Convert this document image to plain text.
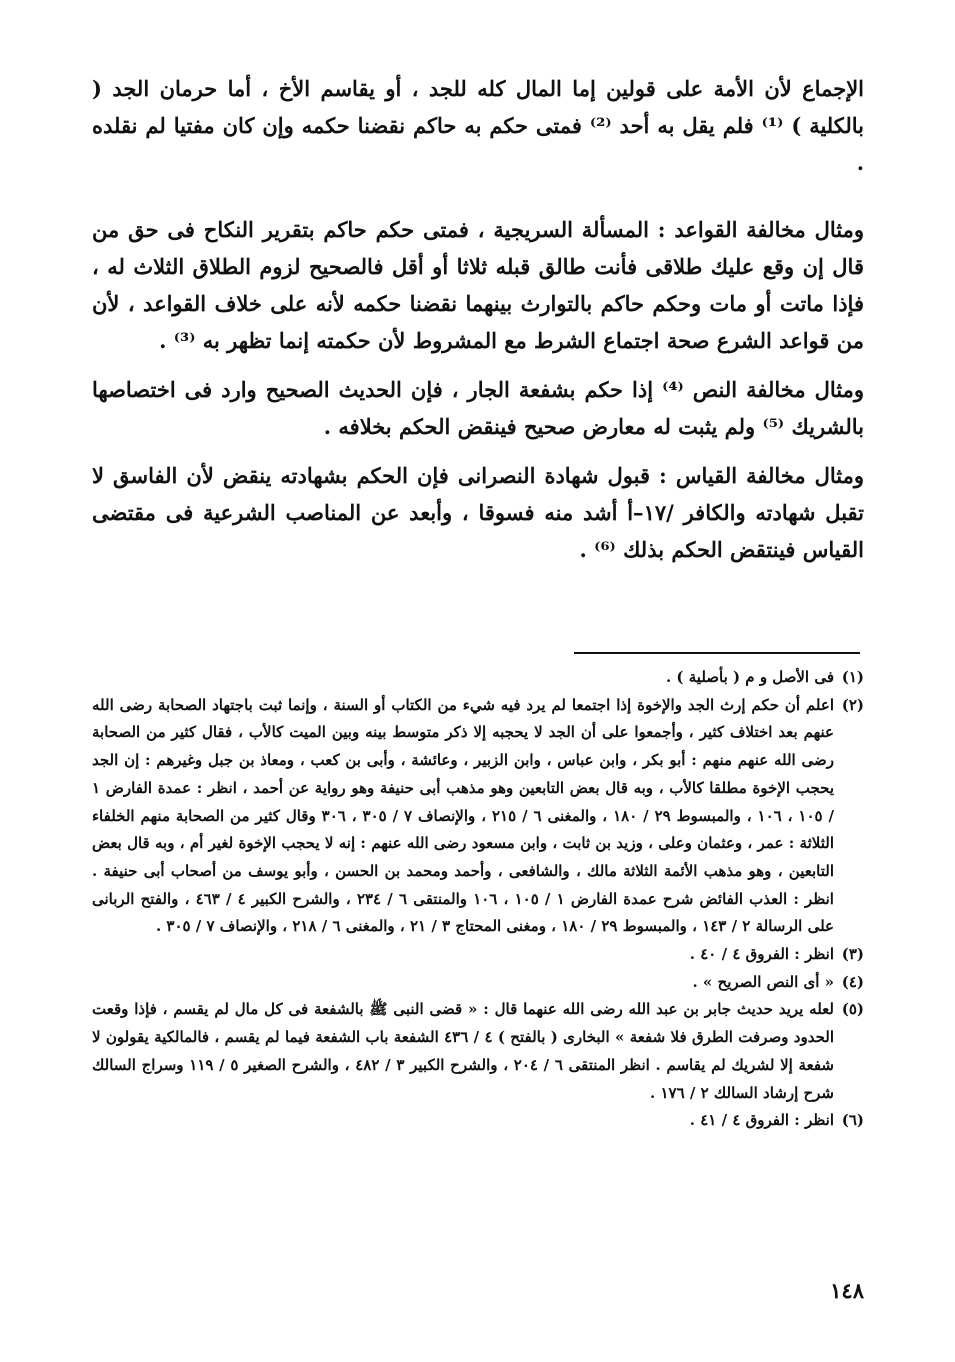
الإجماع لأن الأمة على قولين إما المال كله للجد ، أو يقاسم الأخ ، أما حرمان الجد ( بالكلية ) ⁽¹⁾ فلم يقل به أحد ⁽²⁾ فمتى حكم به حاكم نقضنا حكمه وإن كان مفتيا لم نقلده .

ومثال مخالفة القواعد : المسألة السريجية ، فمتى حكم حاكم بتقرير النكاح فى حق من قال إن وقع عليك طلاقى فأنت طالق قبله ثلاثا أو أقل فالصحيح لزوم الطلاق الثلاث له ، فإذا ماتت أو مات وحكم حاكم بالتوارث بينهما نقضنا حكمه لأنه على خلاف القواعد ، لأن من قواعد الشرع صحة اجتماع الشرط مع المشروط لأن حكمته إنما تظهر به ⁽³⁾ .

ومثال مخالفة النص ⁽⁴⁾ إذا حكم بشفعة الجار ، فإن الحديث الصحيح وارد فى اختصاصها بالشريك ⁽⁵⁾ ولم يثبت له معارض صحيح فينقض الحكم بخلافه .

ومثال مخالفة القياس : قبول شهادة النصرانى فإن الحكم بشهادته ينقض لأن الفاسق لا تقبل شهادته والكافر /١٧–أ أشد منه فسوقا ، وأبعد عن المناصب الشرعية فى مقتضى القياس فينتقض الحكم بذلك ⁽⁶⁾ .

(١)
فى الأصل و م ( بأصلية ) .
(٢)
اعلم أن حكم إرث الجد والإخوة إذا اجتمعا لم يرد فيه شيء من الكتاب أو السنة ، وإنما ثبت باجتهاد الصحابة رضى الله عنهم بعد اختلاف كثير ، وأجمعوا على أن الجد لا يحجبه إلا ذكر متوسط بينه وبين الميت كالأب ، فقال كثير من الصحابة رضى الله عنهم منهم : أبو بكر ، وابن عباس ، وابن الزبير ، وعائشة ، وأبى بن كعب ، ومعاذ بن جبل وغيرهم : إن الجد يحجب الإخوة مطلقا كالأب ، وبه قال بعض التابعين وهو مذهب أبى حنيفة وهو رواية عن أحمد ، انظر : عمدة الفارض ١ / ١٠٥ ، ١٠٦ ، والمبسوط ٢٩ / ١٨٠ ، والمغنى ٦ / ٢١٥ ، والإنصاف ٧ / ٣٠٥ ، ٣٠٦ وقال كثير من الصحابة منهم الخلفاء الثلاثة : عمر ، وعثمان وعلى ، وزيد بن ثابت ، وابن مسعود رضى الله عنهم : إنه لا يحجب الإخوة لغير أم ، وبه قال بعض التابعين ، وهو مذهب الأئمة الثلاثة مالك ، والشافعى ، وأحمد ومحمد بن الحسن ، وأبو يوسف من أصحاب أبى حنيفة . انظر : العذب الفائض شرح عمدة الفارض ١ / ١٠٥ ، ١٠٦ والمنتقى ٦ / ٢٣٤ ، والشرح الكبير ٤ / ٤٦٣ ، والفتح الربانى على الرسالة ٢ / ١٤٣ ، والمبسوط ٢٩ / ١٨٠ ، ومغنى المحتاج ٣ / ٢١ ، والمغنى ٦ / ٢١٨ ، والإنصاف ٧ / ٣٠٥ .
(٣)
انظر : الفروق ٤ / ٤٠ .
(٤)
« أى النص الصريح » .
(٥)
لعله يريد حديث جابر بن عبد الله رضى الله عنهما قال : « قضى النبى ﷺ بالشفعة فى كل مال لم يقسم ، فإذا وقعت الحدود وصرفت الطرق فلا شفعة » البخارى ( بالفتح ) ٤ / ٤٣٦ الشفعة باب الشفعة فيما لم يقسم ، فالمالكية يقولون لا شفعة إلا لشريك لم يقاسم . انظر المنتقى ٦ / ٢٠٤ ، والشرح الكبير ٣ / ٤٨٢ ، والشرح الصغير ٥ / ١١٩ وسراج السالك شرح إرشاد السالك ٢ / ١٧٦ .
(٦)
انظر : الفروق ٤ / ٤١ .
١٤٨
